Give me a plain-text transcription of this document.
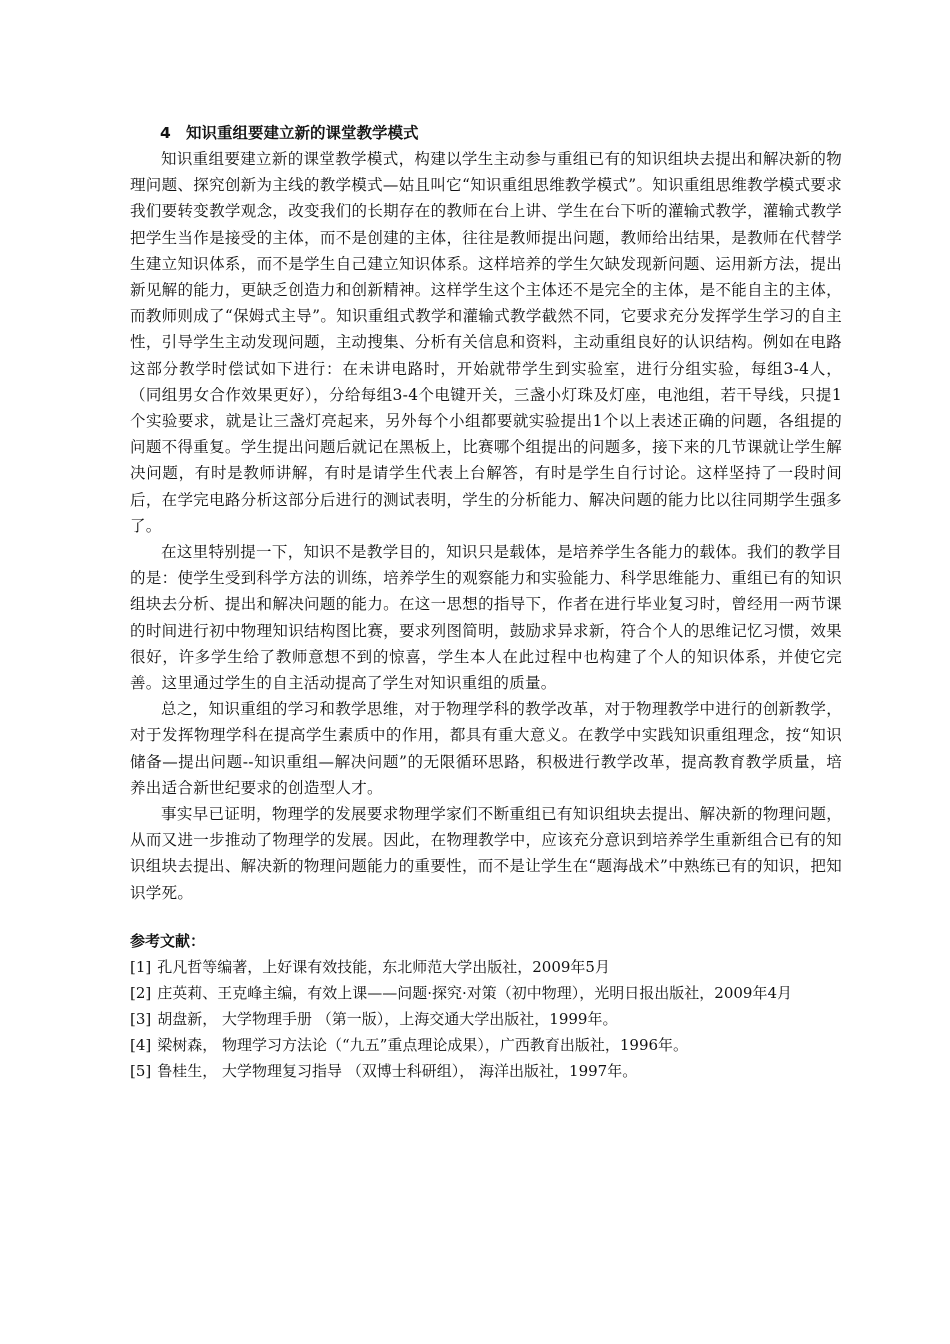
4 知识重组要建立新的课堂教学模式

知识重组要建立新的课堂教学模式，构建以学生主动参与重组已有的知识组块去提出和解决新的物理问题、探究创新为主线的教学模式—姑且叫它“知识重组思维教学模式”。知识重组思维教学模式要求我们要转变教学观念，改变我们的长期存在的教师在台上讲、学生在台下听的灌输式教学，灌输式教学把学生当作是接受的主体，而不是创建的主体，往往是教师提出问题，教师给出结果，是教师在代替学生建立知识体系，而不是学生自己建立知识体系。这样培养的学生欠缺发现新问题、运用新方法，提出新见解的能力，更缺乏创造力和创新精神。这样学生这个主体还不是完全的主体，是不能自主的主体，而教师则成了“保姆式主导”。知识重组式教学和灌输式教学截然不同，它要求充分发挥学生学习的自主性，引导学生主动发现问题，主动搜集、分析有关信息和资料，主动重组良好的认识结构。例如在电路这部分教学时偿试如下进行：在未讲电路时，开始就带学生到实验室，进行分组实验，每组3-4人，（同组男女合作效果更好），分给每组3-4个电键开关，三盏小灯珠及灯座，电池组，若干导线，只提1个实验要求，就是让三盏灯亮起来，另外每个小组都要就实验提出1个以上表述正确的问题，各组提的问题不得重复。学生提出问题后就记在黑板上，比赛哪个组提出的问题多，接下来的几节课就让学生解决问题，有时是教师讲解，有时是请学生代表上台解答，有时是学生自行讨论。这样坚持了一段时间后，在学完电路分析这部分后进行的测试表明，学生的分析能力、解决问题的能力比以往同期学生强多了。

在这里特别提一下，知识不是教学目的，知识只是载体，是培养学生各能力的载体。我们的教学目的是：使学生受到科学方法的训练，培养学生的观察能力和实验能力、科学思维能力、重组已有的知识组块去分析、提出和解决问题的能力。在这一思想的指导下，作者在进行毕业复习时，曾经用一两节课的时间进行初中物理知识结构图比赛，要求列图简明，鼓励求异求新，符合个人的思维记忆习惯，效果很好，许多学生给了教师意想不到的惊喜，学生本人在此过程中也构建了个人的知识体系，并使它完善。这里通过学生的自主活动提高了学生对知识重组的质量。

总之，知识重组的学习和教学思维，对于物理学科的教学改革，对于物理教学中进行的创新教学，对于发挥物理学科在提高学生素质中的作用，都具有重大意义。在教学中实践知识重组理念，按“知识储备—提出问题--知识重组—解决问题”的无限循环思路，积极进行教学改革，提高教育教学质量，培养出适合新世纪要求的创造型人才。

事实早已证明，物理学的发展要求物理学家们不断重组已有知识组块去提出、解决新的物理问题，从而又进一步推动了物理学的发展。因此，在物理教学中，应该充分意识到培养学生重新组合已有的知识组块去提出、解决新的物理问题能力的重要性，而不是让学生在“题海战术”中熟练已有的知识，把知识学死。

参考文献：
[1] 孔凡哲等编著，上好课有效技能，东北师范大学出版社，2009年5月
[2] 庄英莉、王克峰主编，有效上课——问题·探究·对策（初中物理），光明日报出版社，2009年4月
[3] 胡盘新， 大学物理手册 （第一版），上海交通大学出版社，1999年。
[4] 梁树森， 物理学习方法论（“九五”重点理论成果），广西教育出版社，1996年。
[5] 鲁桂生， 大学物理复习指导 （双博士科研组）， 海洋出版社，1997年。
